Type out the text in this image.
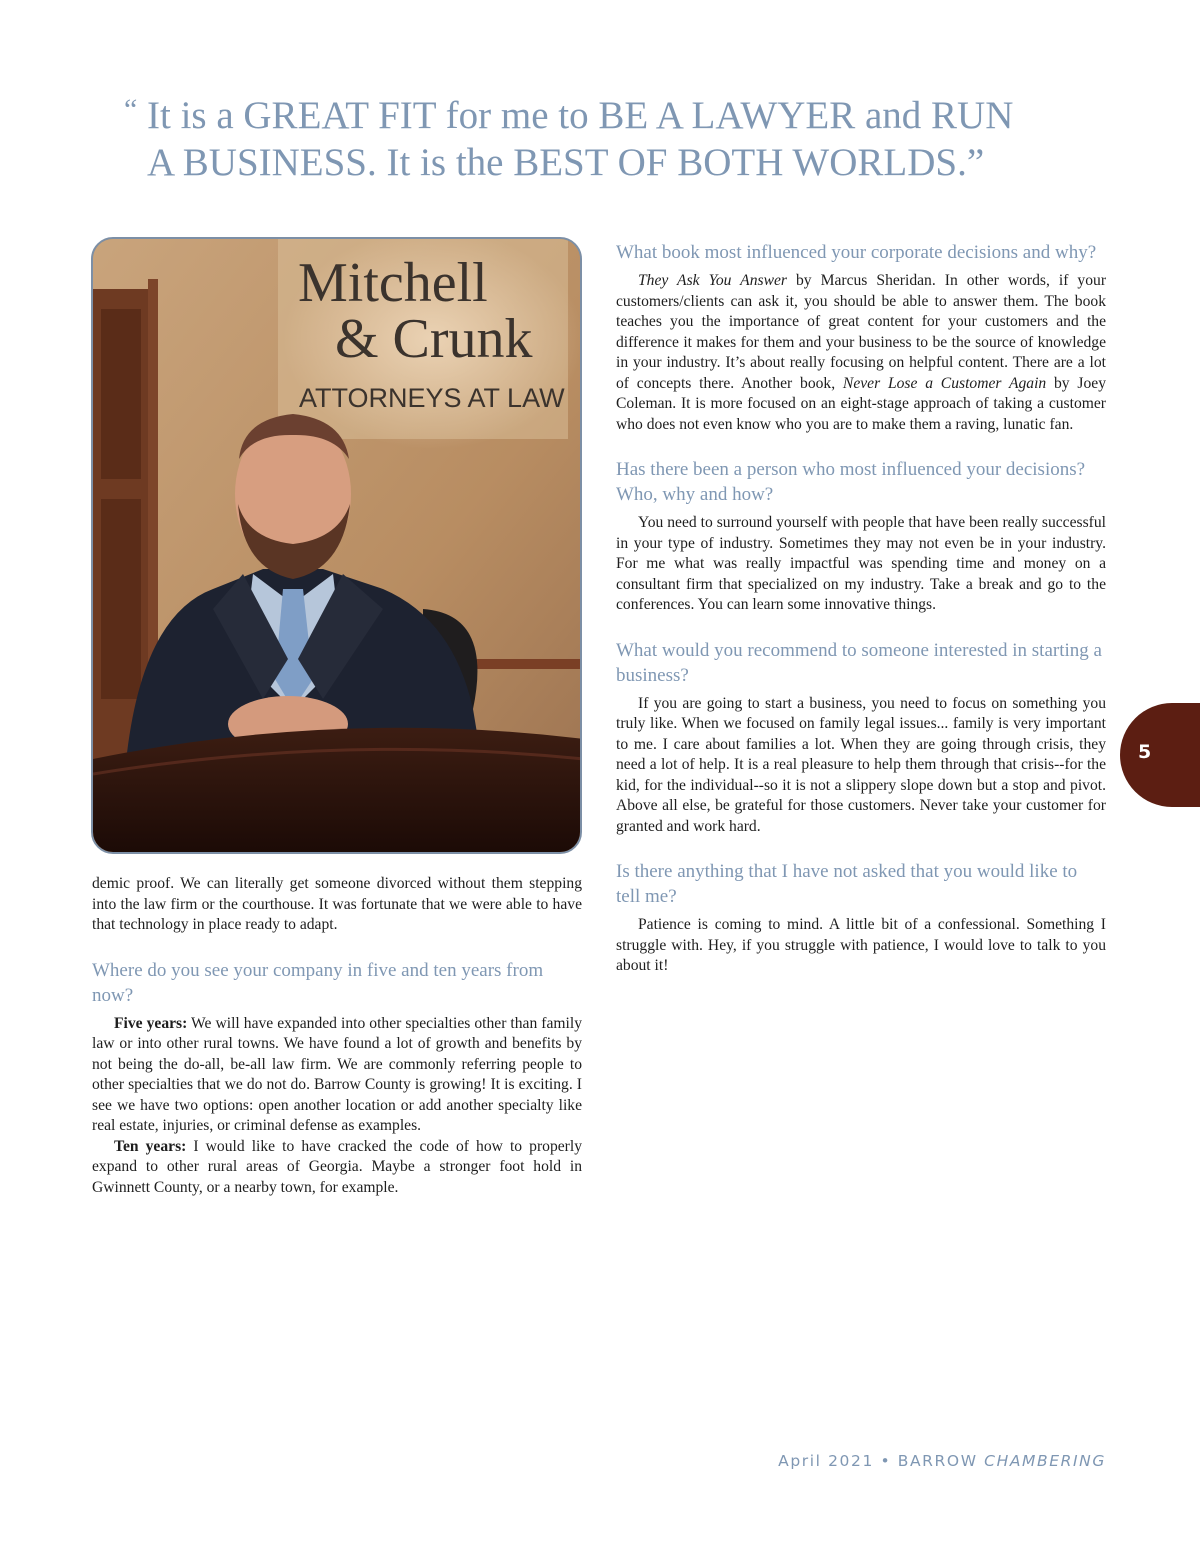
“ It is a GREAT FIT for me to BE A LAWYER and RUN
A BUSINESS. It is the BEST OF BOTH WORLDS.”
Mitchell
& Crunk
ATTORNEYS AT LAW

demic proof. We can literally get someone divorced without them stepping into the law firm or the courthouse. It was fortunate that we were able to have that technology in place ready to adapt.

Where do you see your company in five and ten years from now?

Five years: We will have expanded into other specialties other than family law or into other rural towns. We have found a lot of growth and benefits by not being the do-all, be-all law firm. We are commonly referring people to other specialties that we do not do. Barrow County is growing! It is exciting. I see we have two options: open another location or add another specialty like real estate, injuries, or criminal defense as examples.

Ten years: I would like to have cracked the code of how to properly expand to other rural areas of Georgia. Maybe a stronger foot hold in Gwinnett County, or a nearby town, for example.

What book most influenced your corporate decisions and why?

They Ask You Answer by Marcus Sheridan. In other words, if your customers/clients can ask it, you should be able to answer them. The book teaches you the importance of great content for your customers and the difference it makes for them and your business to be the source of knowledge in your industry. It’s about really focusing on helpful content. There are a lot of concepts there. Another book, Never Lose a Customer Again by Joey Coleman. It is more focused on an eight-stage approach of taking a customer who does not even know who you are to make them a raving, lunatic fan.

Has there been a person who most influenced your decisions? Who, why and how?

You need to surround yourself with people that have been really successful in your type of industry. Sometimes they may not even be in your industry. For me what was really impactful was spending time and money on a consultant firm that specialized on my industry. Take a break and go to the conferences. You can learn some innovative things.

What would you recommend to someone interested in starting a business?

If you are going to start a business, you need to focus on something you truly like. When we focused on family legal issues... family is very important to me. I care about families a lot. When they are going through crisis, they need a lot of help. It is a real pleasure to help them through that crisis--for the kid, for the individual--so it is not a slippery slope down but a stop and pivot. Above all else, be grateful for those customers. Never take your customer for granted and work hard.

Is there anything that I have not asked that you would like to tell me?

Patience is coming to mind. A little bit of a confessional. Something I struggle with. Hey, if you struggle with patience, I would love to talk to you about it!

5
April 2021 • BARROW CHAMBERING
